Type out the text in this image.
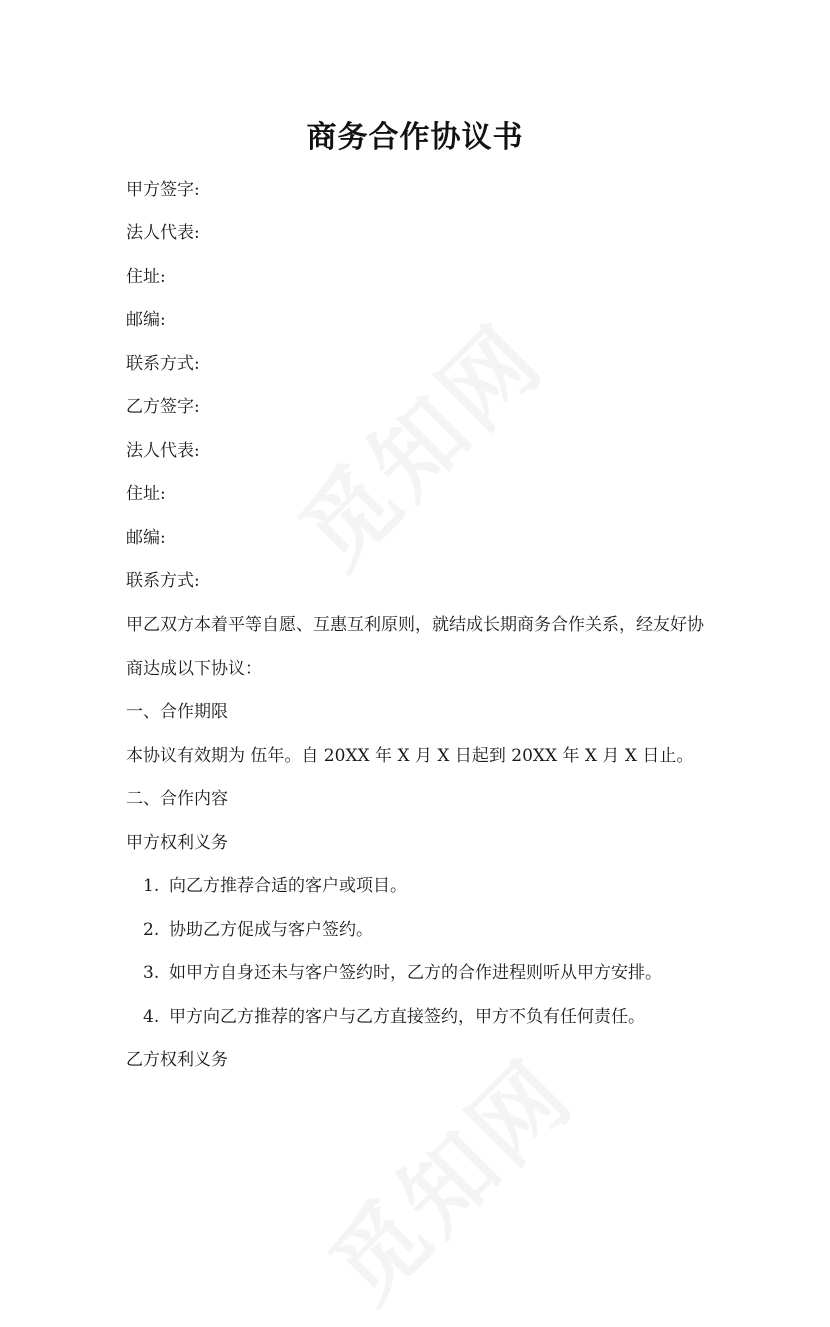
商务合作协议书
甲方签字:
法人代表:
住址:
邮编:
联系方式:
乙方签字:
法人代表:
住址:
邮编:
联系方式:
甲乙双方本着平等自愿、互惠互利原则，就结成长期商务合作关系，经友好协
商达成以下协议：
一、合作期限
本协议有效期为 伍年。自 20XX 年 X 月 X 日起到 20XX 年 X 月 X 日止。
二、合作内容
甲方权利义务
1. 向乙方推荐合适的客户或项目。
2. 协助乙方促成与客户签约。
3. 如甲方自身还未与客户签约时，乙方的合作进程则听从甲方安排。
4. 甲方向乙方推荐的客户与乙方直接签约，甲方不负有任何责任。
乙方权利义务
